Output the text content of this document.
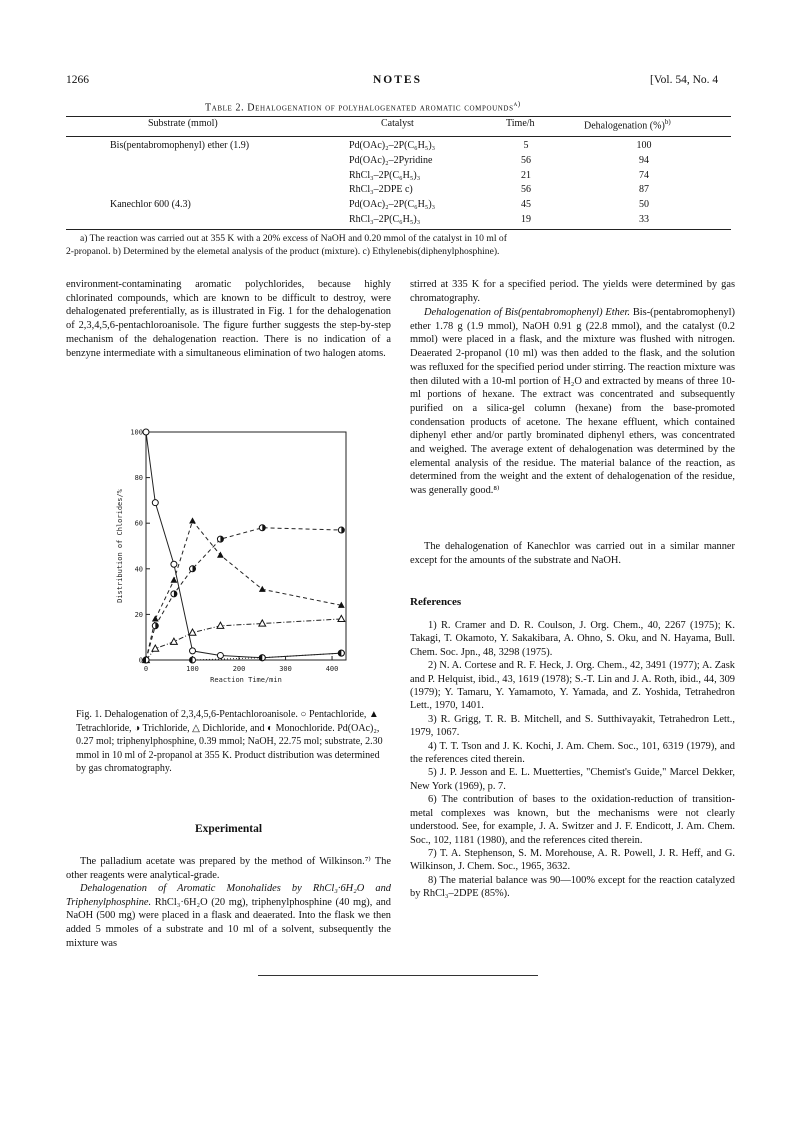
1266	NOTES	[Vol. 54, No. 4
Table 2. Dehalogenation of polyhalogenated aromatic compounds$^{a)}$
Substrate (mmol)	Catalyst	Time/h	Dehalogenation (%)$^{b)}$
Bis(pentabromophenyl) ether (1.9)	Pd(OAc)₂–2P(C₆H₅)₃	5	100
Pd(OAc)₂–2Pyridine	56	94
RhCl₃–2P(C₆H₅)₃	21	74
RhCl₃–2DPE c)	56	87
Kanechlor 600 (4.3)	Pd(OAc)₂–2P(C₆H₅)₃	45	50
RhCl₃–2P(C₆H₅)₃	19	33
a) The reaction was carried out at 355 K with a 20% excess of NaOH and 0.20 mmol of the catalyst in 10 ml of
2-propanol. b) Determined by the elemetal analysis of the product (mixture). c) Ethylenebis(diphenylphosphine).
environment-contaminating aromatic polychlorides, because highly chlorinated compounds, which are known to be difficult to destroy, were dehalogenated preferentially, as is illustrated in Fig. 1 for the dehalogenation of 2,3,4,5,6-pentachloroanisole. The figure further suggests the step-by-step mechanism of the dehalogenation reaction. There is no indication of a benzyne intermediate with a simultaneous elimination of two halogen atoms.
0	100	200	300	400
0
20
40
60
80
100
Reaction Time/min
Distribution of Chlorides/%
Fig. 1. Dehalogenation of 2,3,4,5,6-Pentachloroanisole. ○ Pentachloride, ▲ Tetrachloride, ◑ Trichloride, △ Dichloride, and ◐ Monochloride. Pd(OAc)₂, 0.27 mol; triphenylphosphine, 0.39 mmol; NaOH, 22.75 mol; substrate, 2.30 mmol in 10 ml of 2-propanol at 355 K. Product distribution was determined by gas chromatography.
Experimental
The palladium acetate was prepared by the method of Wilkinson.⁷⁾ The other reagents were analytical-grade.
Dehalogenation of Aromatic Monohalides by RhCl₃·6H₂O and Triphenylphosphine. RhCl₃·6H₂O (20 mg), triphenylphosphine (40 mg), and NaOH (500 mg) were placed in a flask and deaerated. Into the flask we then added 5 mmoles of a substrate and 10 ml of a solvent, subsequently the mixture was
stirred at 335 K for a specified period. The yields were determined by gas chromatography.
Dehalogenation of Bis(pentabromophenyl) Ether. Bis-(pentabromophenyl) ether 1.78 g (1.9 mmol), NaOH 0.91 g (22.8 mmol), and the catalyst (0.2 mmol) were placed in a flask, and the mixture was flushed with nitrogen. Deaerated 2-propanol (10 ml) was then added to the flask, and the solution was refluxed for the specified period under stirring. The reaction mixture was then diluted with a 10-ml portion of H₂O and extracted by means of three 10-ml portions of hexane. The extract was concentrated and subsequently purified on a silica-gel column (hexane) from the base-promoted condensation products of acetone. The hexane effluent, which contained diphenyl ether and/or partly brominated diphenyl ethers, was concentrated and weighed. The average extent of dehalogenation was determined by the elemental analysis of the residue. The material balance of the reaction, as determined from the weight and the extent of dehalogenation of the residue, was generally good.⁸⁾
The dehalogenation of Kanechlor was carried out in a similar manner except for the amounts of the substrate and NaOH.
References

1) R. Cramer and D. R. Coulson, J. Org. Chem., 40, 2267 (1975); K. Takagi, T. Okamoto, Y. Sakakibara, A. Ohno, S. Oku, and N. Hayama, Bull. Chem. Soc. Jpn., 48, 3298 (1975).

2) N. A. Cortese and R. F. Heck, J. Org. Chem., 42, 3491 (1977); A. Zask and P. Helquist, ibid., 43, 1619 (1978); S.-T. Lin and J. A. Roth, ibid., 44, 309 (1979); Y. Tamaru, Y. Yamamoto, Y. Yamada, and Z. Yoshida, Tetrahedron Lett., 1970, 1401.

3) R. Grigg, T. R. B. Mitchell, and S. Sutthivayakit, Tetrahedron Lett., 1979, 1067.

4) T. T. Tson and J. K. Kochi, J. Am. Chem. Soc., 101, 6319 (1979), and the references cited therein.

5) J. P. Jesson and E. L. Muetterties, "Chemist's Guide," Marcel Dekker, New York (1969), p. 7.

6) The contribution of bases to the oxidation-reduction of transition-metal complexes was known, but the mechanisms were not clearly understood. See, for example, J. A. Switzer and J. F. Endicott, J. Am. Chem. Soc., 102, 1181 (1980), and the references cited therein.

7) T. A. Stephenson, S. M. Morehouse, A. R. Powell, J. R. Heff, and G. Wilkinson, J. Chem. Soc., 1965, 3632.

8) The material balance was 90—100% except for the reaction catalyzed by RhCl₃–2DPE (85%).
